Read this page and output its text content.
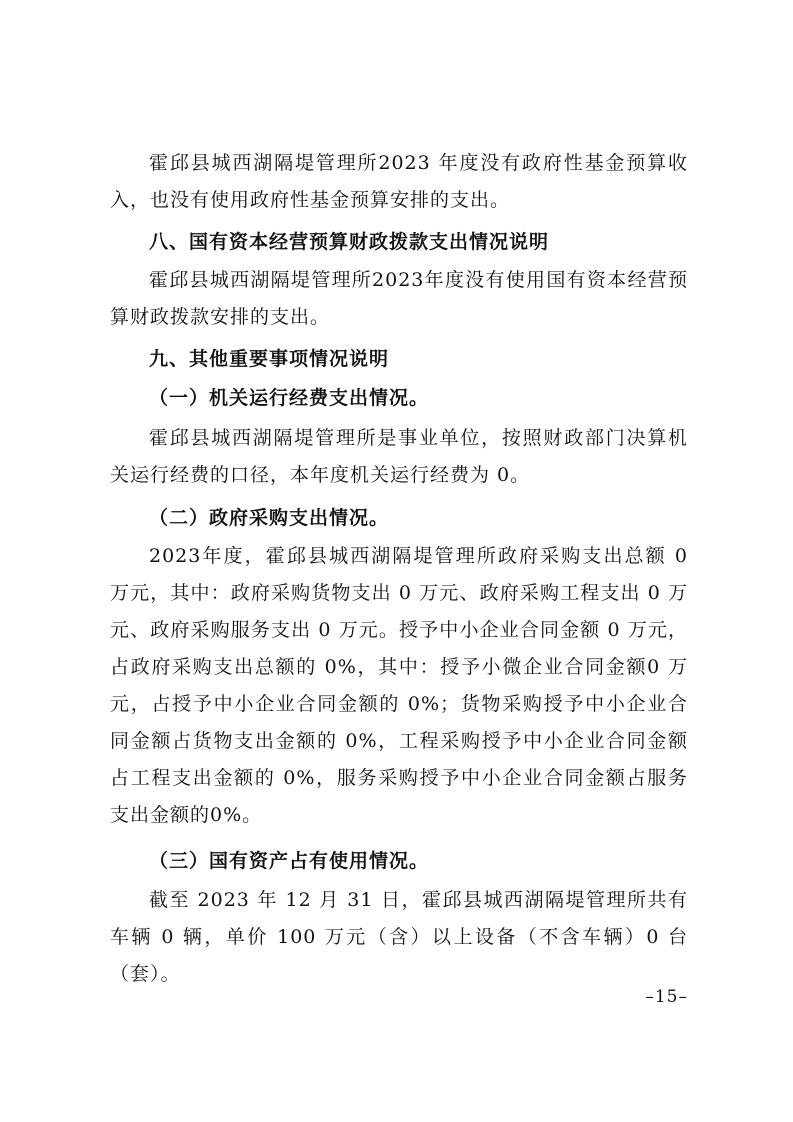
霍邱县城西湖隔堤管理所2023 年度没有政府性基金预算收入，也没有使用政府性基金预算安排的支出。

八、国有资本经营预算财政拨款支出情况说明

霍邱县城西湖隔堤管理所2023年度没有使用国有资本经营预算财政拨款安排的支出。

九、其他重要事项情况说明

（一）机关运行经费支出情况。

霍邱县城西湖隔堤管理所是事业单位，按照财政部门决算机关运行经费的口径，本年度机关运行经费为 0。

（二）政府采购支出情况。

2023年度，霍邱县城西湖隔堤管理所政府采购支出总额 0 万元，其中：政府采购货物支出 0 万元、政府采购工程支出 0 万元、政府采购服务支出 0 万元。授予中小企业合同金额 0 万元，占政府采购支出总额的 0%，其中：授予小微企业合同金额0 万元，占授予中小企业合同金额的 0%；货物采购授予中小企业合同金额占货物支出金额的 0%，工程采购授予中小企业合同金额占工程支出金额的 0%，服务采购授予中小企业合同金额占服务支出金额的0%。

（三）国有资产占有使用情况。

截至 2023 年 12 月 31 日，霍邱县城西湖隔堤管理所共有车辆 0 辆，单价 100 万元（含）以上设备（不含车辆）0 台（套）。

–15–
